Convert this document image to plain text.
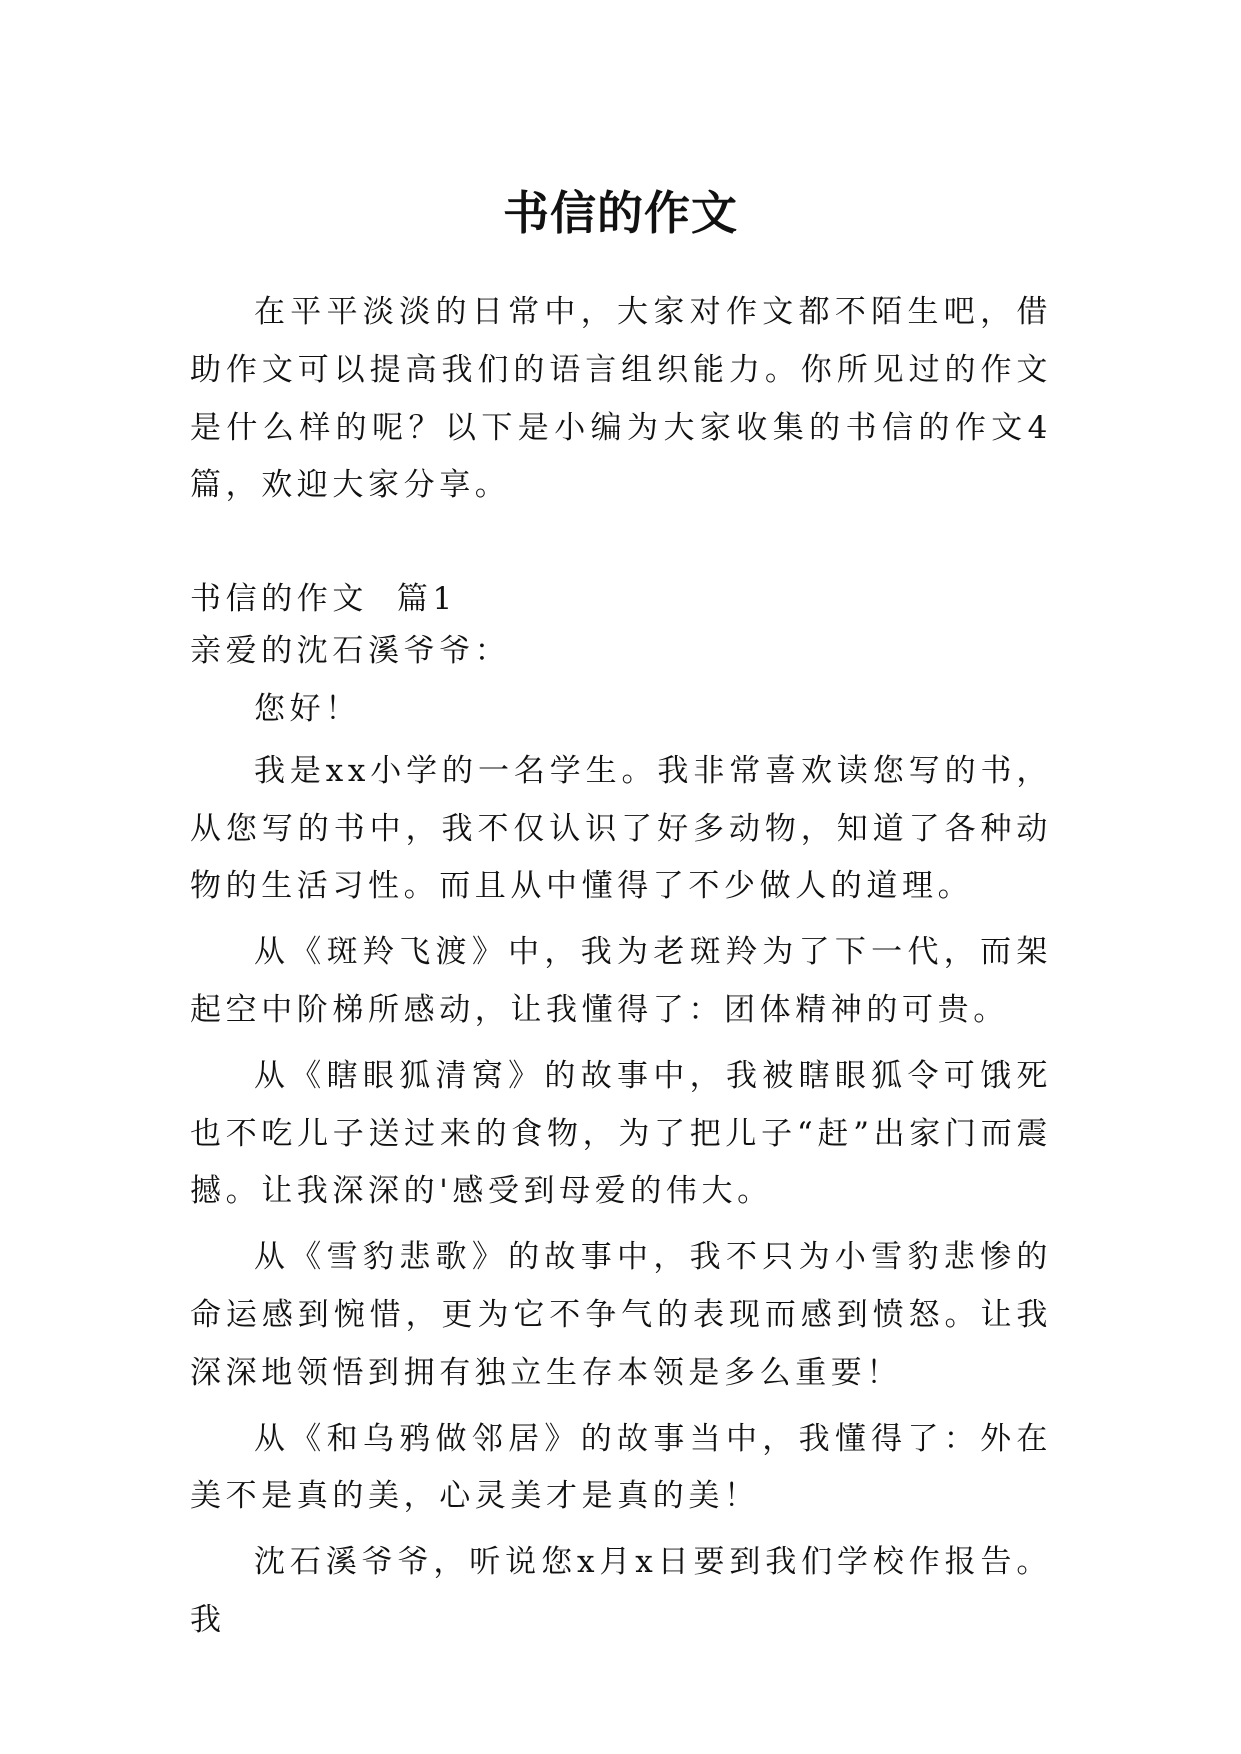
书信的作文

在平平淡淡的日常中，大家对作文都不陌生吧，借助作文可以提高我们的语言组织能力。你所见过的作文是什么样的呢？以下是小编为大家收集的书信的作文4篇，欢迎大家分享。

书信的作文  篇1

亲爱的沈石溪爷爷：

您好！

我是xx小学的一名学生。我非常喜欢读您写的书，从您写的书中，我不仅认识了好多动物，知道了各种动物的生活习性。而且从中懂得了不少做人的道理。

从《斑羚飞渡》中，我为老斑羚为了下一代，而架起空中阶梯所感动，让我懂得了：团体精神的可贵。

从《瞎眼狐清窝》的故事中，我被瞎眼狐令可饿死也不吃儿子送过来的食物，为了把儿子“赶”出家门而震撼。让我深深的'感受到母爱的伟大。

从《雪豹悲歌》的故事中，我不只为小雪豹悲惨的命运感到惋惜，更为它不争气的表现而感到愤怒。让我深深地领悟到拥有独立生存本领是多么重要！

从《和乌鸦做邻居》的故事当中，我懂得了：外在美不是真的美，心灵美才是真的美！

沈石溪爷爷，听说您x月x日要到我们学校作报告。我
